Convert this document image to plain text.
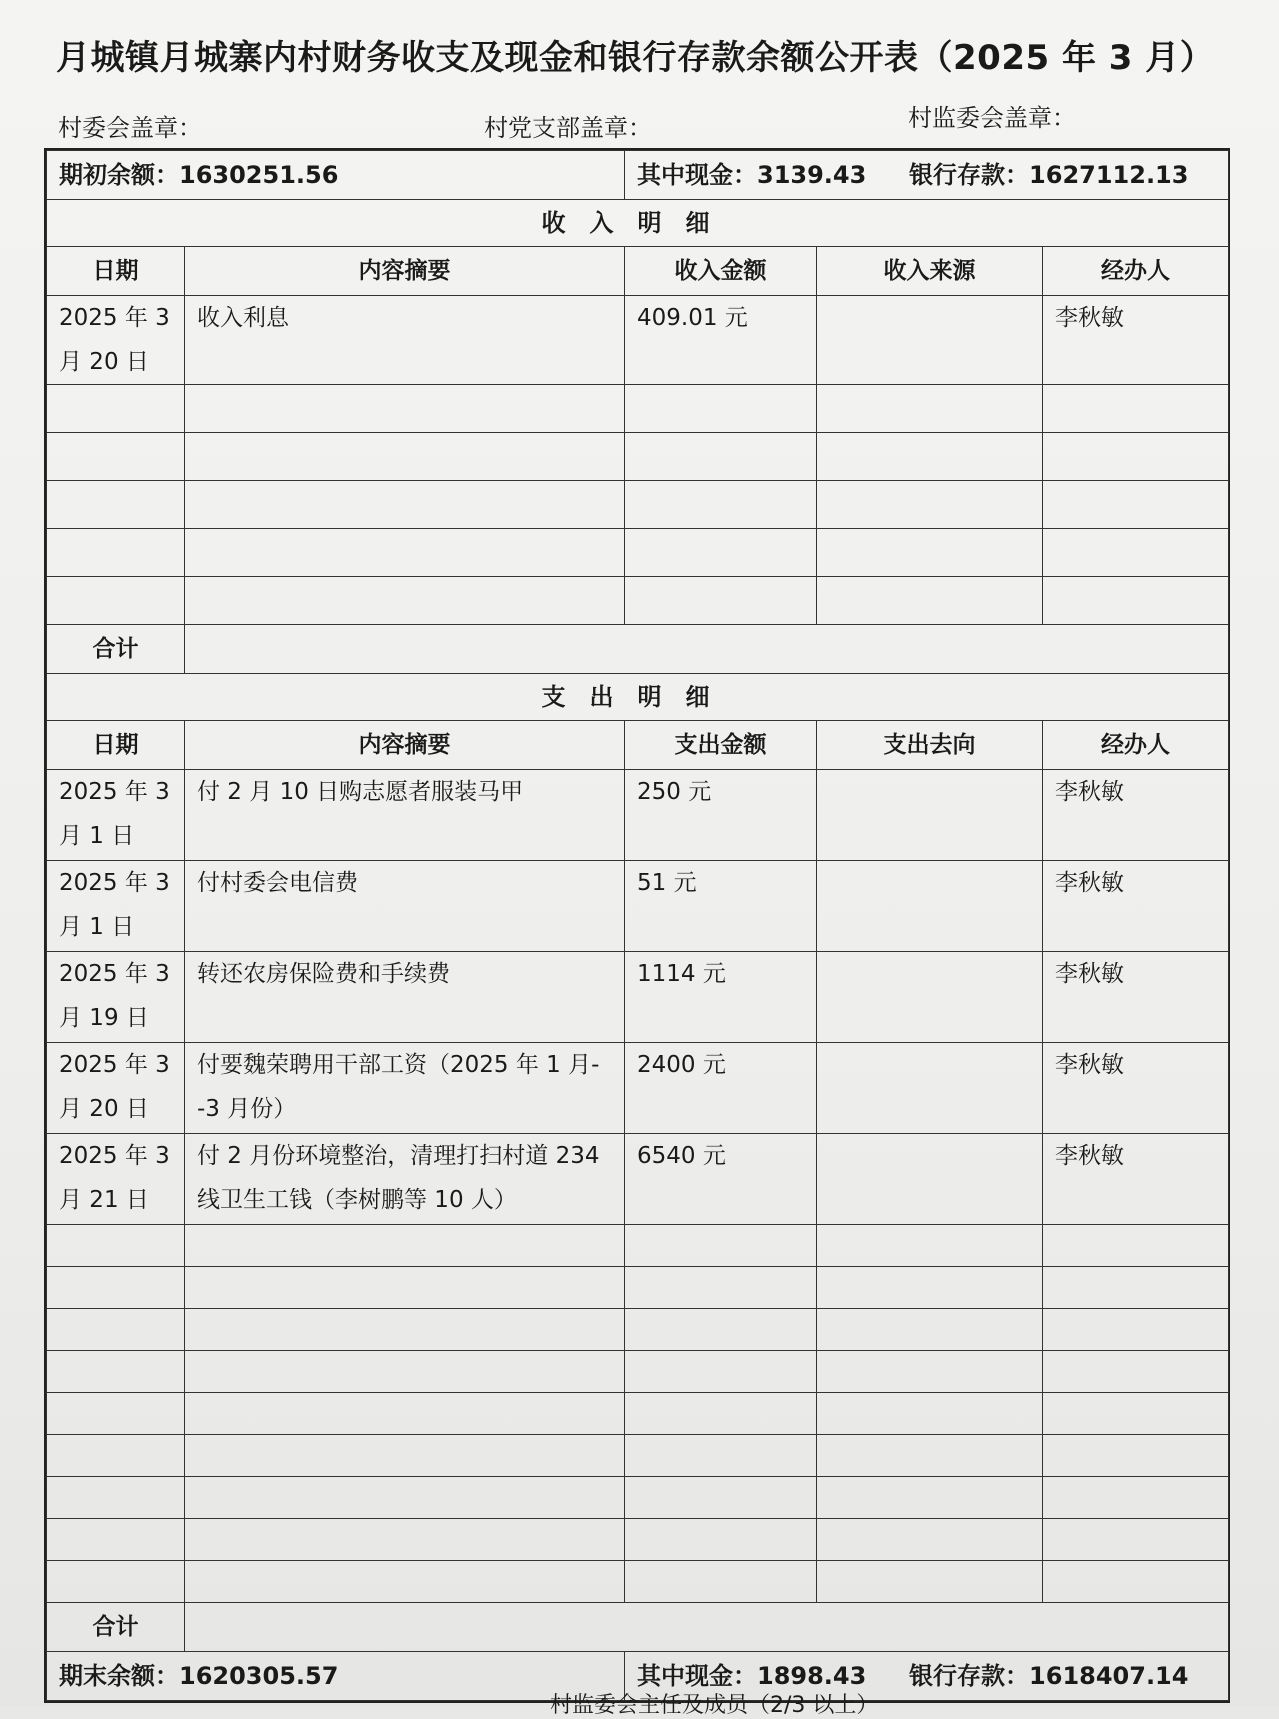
月城镇月城寨内村财务收支及现金和银行存款余额公开表（2025 年 3 月）
村委会盖章：	村党支部盖章：	村监委会盖章：
期初余额：1630251.56		其中现金：3139.43 银行存款：1627112.13		
收入明细				
日期	内容摘要	收入金额	收入来源	经办人

2025 年 3
月 20 日	收入利息	409.01 元		李秋敏

合计				
支出明细				
日期	内容摘要	支出金额	支出去向	经办人

2025 年 3
月 1 日	付 2 月 10 日购志愿者服装马甲	250 元		李秋敏

2025 年 3
月 1 日	付村委会电信费	51 元		李秋敏

2025 年 3
月 19 日	转还农房保险费和手续费	1114 元		李秋敏

2025 年 3
月 20 日	付要魏荣聘用干部工资（2025 年 1 月--3 月份）	2400 元		李秋敏

2025 年 3
月 21 日	付 2 月份环境整治，清理打扫村道 234 线卫生工钱（李树鹏等 10 人）	6540 元		李秋敏

合计				
期末余额：1620305.57		其中现金：1898.43 银行存款：1618407.14		
村监委会主任及成员（2/3 以上）
